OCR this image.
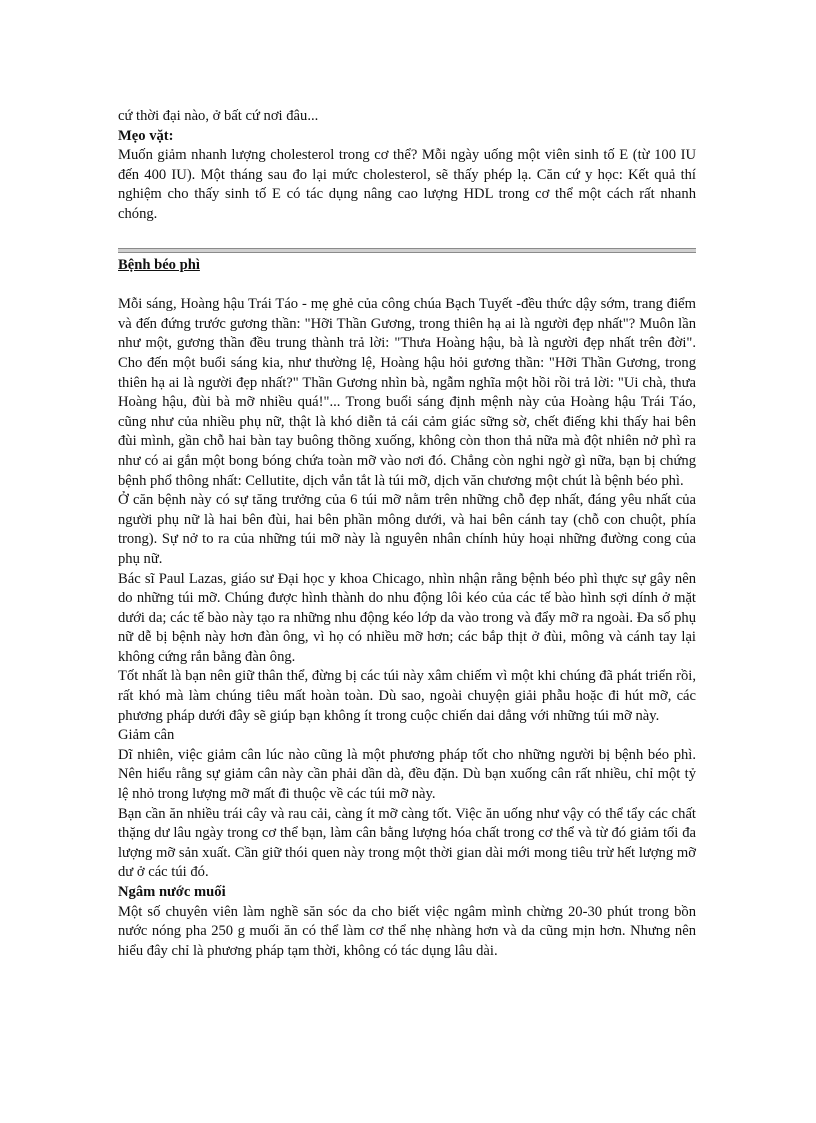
cứ thời đại nào, ở bất cứ nơi đâu...

Mẹo vặt:

Muốn giảm nhanh lượng cholesterol trong cơ thể? Mỗi ngày uống một viên sinh tố E (từ 100 IU đến 400 IU). Một tháng sau đo lại mức cholesterol, sẽ thấy phép lạ. Căn cứ y học: Kết quả thí nghiệm cho thấy sinh tố E có tác dụng nâng cao lượng HDL trong cơ thể một cách rất nhanh chóng.

Bệnh béo phì

Mỗi sáng, Hoàng hậu Trái Táo - mẹ ghẻ của công chúa Bạch Tuyết -đều thức dậy sớm, trang điểm và đến đứng trước gương thần: "Hỡi Thần Gương, trong thiên hạ ai là người đẹp nhất"? Muôn lần như một, gương thần đều trung thành trả lời: "Thưa Hoàng hậu, bà là người đẹp nhất trên đời". Cho đến một buổi sáng kia, như thường lệ, Hoàng hậu hỏi gương thần: "Hỡi Thần Gương, trong thiên hạ ai là người đẹp nhất?" Thần Gương nhìn bà, ngẫm nghĩa một hồi rồi trả lời: "Ui chà, thưa Hoàng hậu, đùi bà mỡ nhiều quá!"... Trong buổi sáng định mệnh này của Hoàng hậu Trái Táo, cũng như của nhiều phụ nữ, thật là khó diễn tả cái cảm giác sững sờ, chết điếng khi thấy hai bên đùi mình, gần chỗ hai bàn tay buông thõng xuống, không còn thon thả nữa mà đột nhiên nở phì ra như có ai gắn một bong bóng chứa toàn mỡ vào nơi đó. Chẳng còn nghi ngờ gì nữa, bạn bị chứng bệnh phổ thông nhất: Cellutite, dịch vắn tắt là túi mỡ, dịch văn chương một chút là bệnh béo phì.

Ở căn bệnh này có sự tăng trưởng của 6 túi mỡ nằm trên những chỗ đẹp nhất, đáng yêu nhất của người phụ nữ là hai bên đùi, hai bên phần mông dưới, và hai bên cánh tay (chỗ con chuột, phía trong). Sự nở to ra của những túi mỡ này là nguyên nhân chính hủy hoại những đường cong của phụ nữ.

Bác sĩ Paul Lazas, giáo sư Đại học y khoa Chicago, nhìn nhận rằng bệnh béo phì thực sự gây nên do những túi mỡ. Chúng được hình thành do nhu động lôi kéo của các tế bào hình sợi dính ở mặt dưới da; các tế bào này tạo ra những nhu động kéo lớp da vào trong và đẩy mỡ ra ngoài. Đa số phụ nữ dễ bị bệnh này hơn đàn ông, vì họ có nhiều mỡ hơn; các bắp thịt ở đùi, mông và cánh tay lại không cứng rắn bằng đàn ông.

Tốt nhất là bạn nên giữ thân thể, đừng bị các túi này xâm chiếm vì một khi chúng đã phát triển rồi, rất khó mà làm chúng tiêu mất hoàn toàn. Dù sao, ngoài chuyện giải phẫu hoặc đi hút mỡ, các phương pháp dưới đây sẽ giúp bạn không ít trong cuộc chiến dai dẳng với những túi mỡ này.

Giảm cân

Dĩ nhiên, việc giảm cân lúc nào cũng là một phương pháp tốt cho những người bị bệnh béo phì. Nên hiểu rằng sự giảm cân này cần phải dần dà, đều đặn. Dù bạn xuống cân rất nhiều, chỉ một tỷ lệ nhỏ trong lượng mỡ mất đi thuộc về các túi mỡ này.

Bạn cần ăn nhiều trái cây và rau cải, càng ít mỡ càng tốt. Việc ăn uống như vậy có thể tẩy các chất thặng dư lâu ngày trong cơ thể bạn, làm cân bằng lượng hóa chất trong cơ thể và từ đó giảm tối đa lượng mỡ sản xuất. Cần giữ thói quen này trong một thời gian dài mới mong tiêu trừ hết lượng mỡ dư ở các túi đó.

Ngâm nước muối

Một số chuyên viên làm nghề săn sóc da cho biết việc ngâm mình chừng 20-30 phút trong bồn nước nóng pha 250 g muối ăn có thể làm cơ thể nhẹ nhàng hơn và da cũng mịn hơn. Nhưng nên hiểu đây chỉ là phương pháp tạm thời, không có tác dụng lâu dài.
